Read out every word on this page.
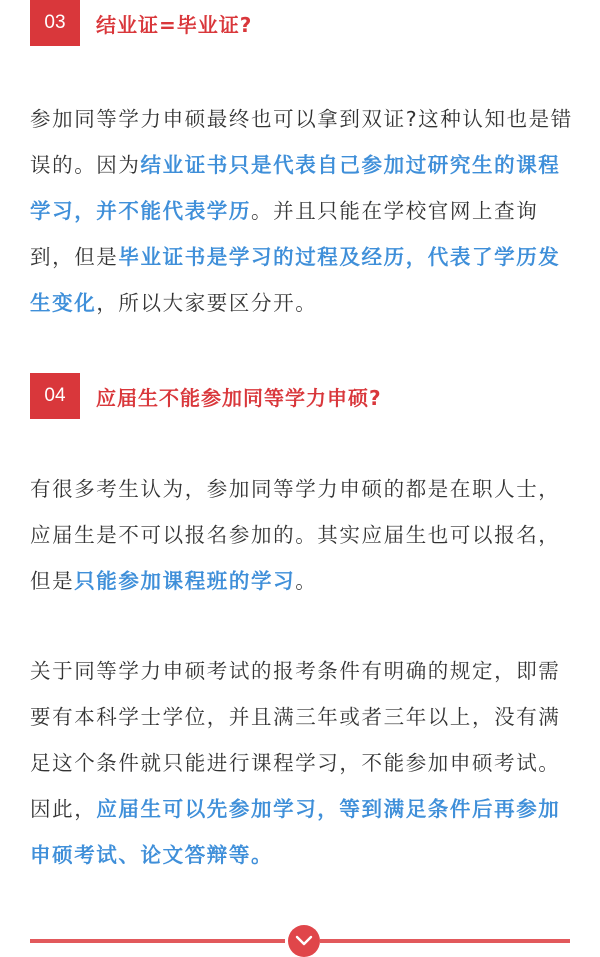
03	结业证=毕业证?

参加同等学力申硕最终也可以拿到双证?这种认知也是错误的。因为结业证书只是代表自己参加过研究生的课程学习，并不能代表学历。并且只能在学校官网上查询到，但是毕业证书是学习的过程及经历，代表了学历发生变化，所以大家要区分开。

04	应届生不能参加同等学力申硕?

有很多考生认为，参加同等学力申硕的都是在职人士，应届生是不可以报名参加的。其实应届生也可以报名，但是只能参加课程班的学习。

关于同等学力申硕考试的报考条件有明确的规定，即需要有本科学士学位，并且满三年或者三年以上，没有满足这个条件就只能进行课程学习，不能参加申硕考试。因此，应届生可以先参加学习，等到满足条件后再参加申硕考试、论文答辩等。
